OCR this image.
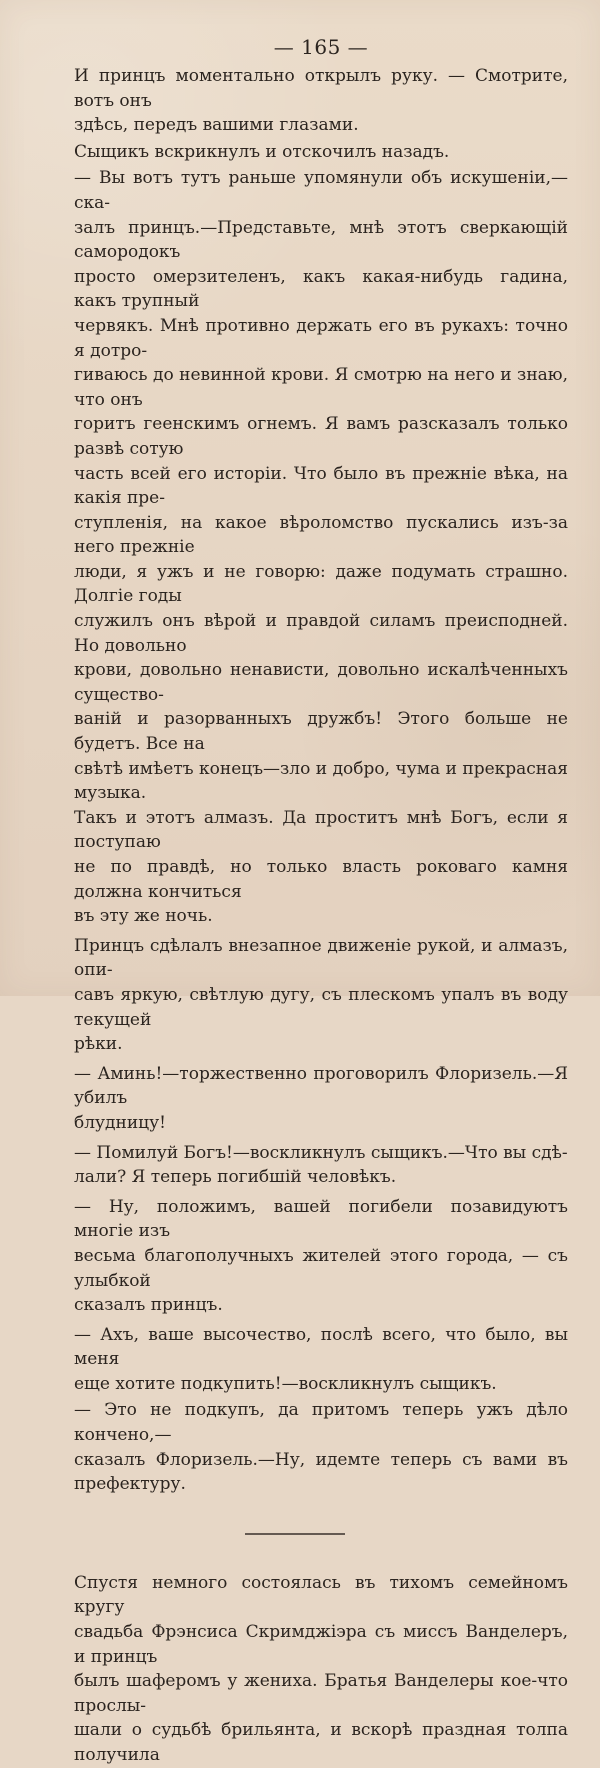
— 165 —
И принцъ моментально открылъ руку. — Смотрите, вотъ онъ
здѣсь, передъ вашими глазами.
Сыщикъ вскрикнулъ и отскочилъ назадъ.
— Вы вотъ тутъ раньше упомянули объ искушеніи,—ска-
залъ принцъ.—Представьте, мнѣ этотъ сверкающій самородокъ
просто омерзителенъ, какъ какая-нибудь гадина, какъ трупный
червякъ. Мнѣ противно держать его въ рукахъ: точно я дотро-
гиваюсь до невинной крови. Я смотрю на него и знаю, что онъ
горитъ геенскимъ огнемъ. Я вамъ разсказалъ только развѣ сотую
часть всей его исторіи. Что было въ прежніе вѣка, на какія пре-
ступленія, на какое вѣроломство пускались изъ-за него прежніе
люди, я ужъ и не говорю: даже подумать страшно. Долгіе годы
служилъ онъ вѣрой и правдой силамъ преисподней. Но довольно
крови, довольно ненависти, довольно искалѣченныхъ существо-
ваній и разорванныхъ дружбъ! Этого больше не будетъ. Все на
свѣтѣ имѣетъ конецъ—зло и добро, чума и прекрасная музыка.
Такъ и этотъ алмазъ. Да проститъ мнѣ Богъ, если я поступаю
не по правдѣ, но только власть роковаго камня должна кончиться
въ эту же ночь.
Принцъ сдѣлалъ внезапное движеніе рукой, и алмазъ, опи-
савъ яркую, свѣтлую дугу, съ плескомъ упалъ въ воду текущей
рѣки.
— Аминь!—торжественно проговорилъ Флоризель.—Я убилъ
блудницу!
— Помилуй Богъ!—воскликнулъ сыщикъ.—Что вы сдѣ-
лали? Я теперь погибшій человѣкъ.
— Ну, положимъ, вашей погибели позавидуютъ многіе изъ
весьма благополучныхъ жителей этого города, — съ улыбкой
сказалъ принцъ.
— Ахъ, ваше высочество, послѣ всего, что было, вы меня
еще хотите подкупить!—воскликнулъ сыщикъ.
— Это не подкупъ, да притомъ теперь ужъ дѣло кончено,—
сказалъ Флоризель.—Ну, идемте теперь съ вами въ префектуру.
Спустя немного состоялась въ тихомъ семейномъ кругу
свадьба Фрэнсиса Скримджіэра съ миссъ Ванделеръ, и принцъ
былъ шаферомъ у жениха. Братья Ванделеры кое-что прослы-
шали о судьбѣ брильянта, и вскорѣ праздная толпа получила
